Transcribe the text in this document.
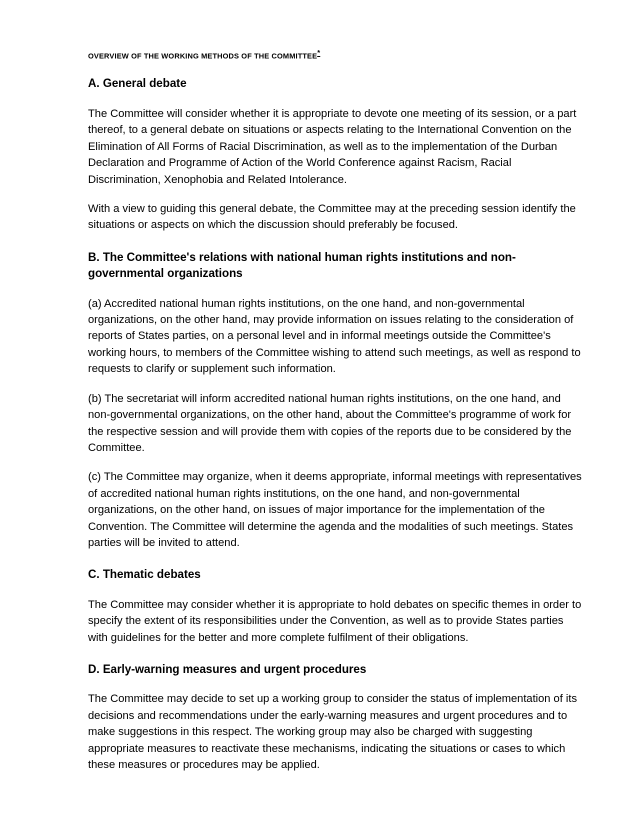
OVERVIEW OF THE WORKING METHODS OF THE COMMITTEE*
A. General debate

The Committee will consider whether it is appropriate to devote one meeting of its session, or a part thereof, to a general debate on situations or aspects relating to the International Convention on the Elimination of All Forms of Racial Discrimination, as well as to the implementation of the Durban Declaration and Programme of Action of the World Conference against Racism, Racial Discrimination, Xenophobia and Related Intolerance.

With a view to guiding this general debate, the Committee may at the preceding session identify the situations or aspects on which the discussion should preferably be focused.

B. The Committee's relations with national human rights institutions and non-governmental organizations

(a) Accredited national human rights institutions, on the one hand, and non-governmental organizations, on the other hand, may provide information on issues relating to the consideration of reports of States parties, on a personal level and in informal meetings outside the Committee's working hours, to members of the Committee wishing to attend such meetings, as well as respond to requests to clarify or supplement such information.

(b) The secretariat will inform accredited national human rights institutions, on the one hand, and non-governmental organizations, on the other hand, about the Committee's programme of work for the respective session and will provide them with copies of the reports due to be considered by the Committee.

(c) The Committee may organize, when it deems appropriate, informal meetings with representatives of accredited national human rights institutions, on the one hand, and non-governmental organizations, on the other hand, on issues of major importance for the implementation of the Convention. The Committee will determine the agenda and the modalities of such meetings. States parties will be invited to attend.

C. Thematic debates

The Committee may consider whether it is appropriate to hold debates on specific themes in order to specify the extent of its responsibilities under the Convention, as well as to provide States parties with guidelines for the better and more complete fulfilment of their obligations.

D. Early-warning measures and urgent procedures

The Committee may decide to set up a working group to consider the status of implementation of its decisions and recommendations under the early-warning measures and urgent procedures and to make suggestions in this respect. The working group may also be charged with suggesting appropriate measures to reactivate these mechanisms, indicating the situations or cases to which these measures or procedures may be applied.
